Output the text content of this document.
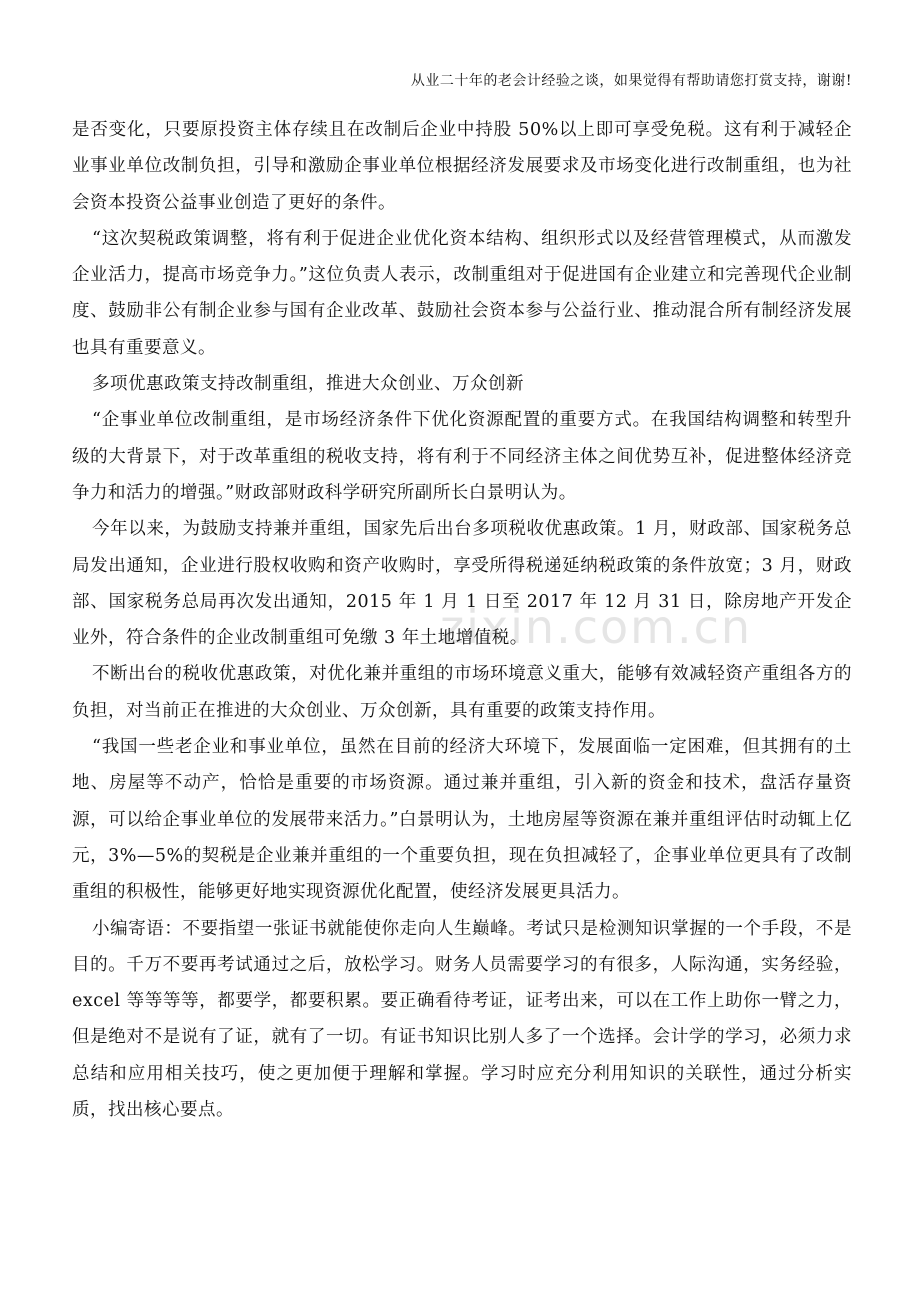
从业二十年的老会计经验之谈，如果觉得有帮助请您打赏支持，谢谢!
zixin.com.cn

是否变化，只要原投资主体存续且在改制后企业中持股 50%以上即可享受免税。这有利于减轻企业事业单位改制负担，引导和激励企事业单位根据经济发展要求及市场变化进行改制重组，也为社会资本投资公益事业创造了更好的条件。

“这次契税政策调整，将有利于促进企业优化资本结构、组织形式以及经营管理模式，从而激发企业活力，提高市场竞争力。”这位负责人表示，改制重组对于促进国有企业建立和完善现代企业制度、鼓励非公有制企业参与国有企业改革、鼓励社会资本参与公益行业、推动混合所有制经济发展也具有重要意义。

多项优惠政策支持改制重组，推进大众创业、万众创新

“企事业单位改制重组，是市场经济条件下优化资源配置的重要方式。在我国结构调整和转型升级的大背景下，对于改革重组的税收支持，将有利于不同经济主体之间优势互补，促进整体经济竞争力和活力的增强。”财政部财政科学研究所副所长白景明认为。

今年以来，为鼓励支持兼并重组，国家先后出台多项税收优惠政策。1 月，财政部、国家税务总局发出通知，企业进行股权收购和资产收购时，享受所得税递延纳税政策的条件放宽；3 月，财政部、国家税务总局再次发出通知，2015 年 1 月 1 日至 2017 年 12 月 31 日，除房地产开发企业外，符合条件的企业改制重组可免缴 3 年土地增值税。

不断出台的税收优惠政策，对优化兼并重组的市场环境意义重大，能够有效减轻资产重组各方的负担，对当前正在推进的大众创业、万众创新，具有重要的政策支持作用。

“我国一些老企业和事业单位，虽然在目前的经济大环境下，发展面临一定困难，但其拥有的土地、房屋等不动产，恰恰是重要的市场资源。通过兼并重组，引入新的资金和技术，盘活存量资源，可以给企事业单位的发展带来活力。”白景明认为，土地房屋等资源在兼并重组评估时动辄上亿元，3%—5%的契税是企业兼并重组的一个重要负担，现在负担减轻了，企事业单位更具有了改制重组的积极性，能够更好地实现资源优化配置，使经济发展更具活力。

小编寄语：不要指望一张证书就能使你走向人生巅峰。考试只是检测知识掌握的一个手段，不是目的。千万不要再考试通过之后，放松学习。财务人员需要学习的有很多，人际沟通，实务经验，excel 等等等等，都要学，都要积累。要正确看待考证，证考出来，可以在工作上助你一臂之力，但是绝对不是说有了证，就有了一切。有证书知识比别人多了一个选择。会计学的学习，必须力求总结和应用相关技巧，使之更加便于理解和掌握。学习时应充分利用知识的关联性，通过分析实质，找出核心要点。
